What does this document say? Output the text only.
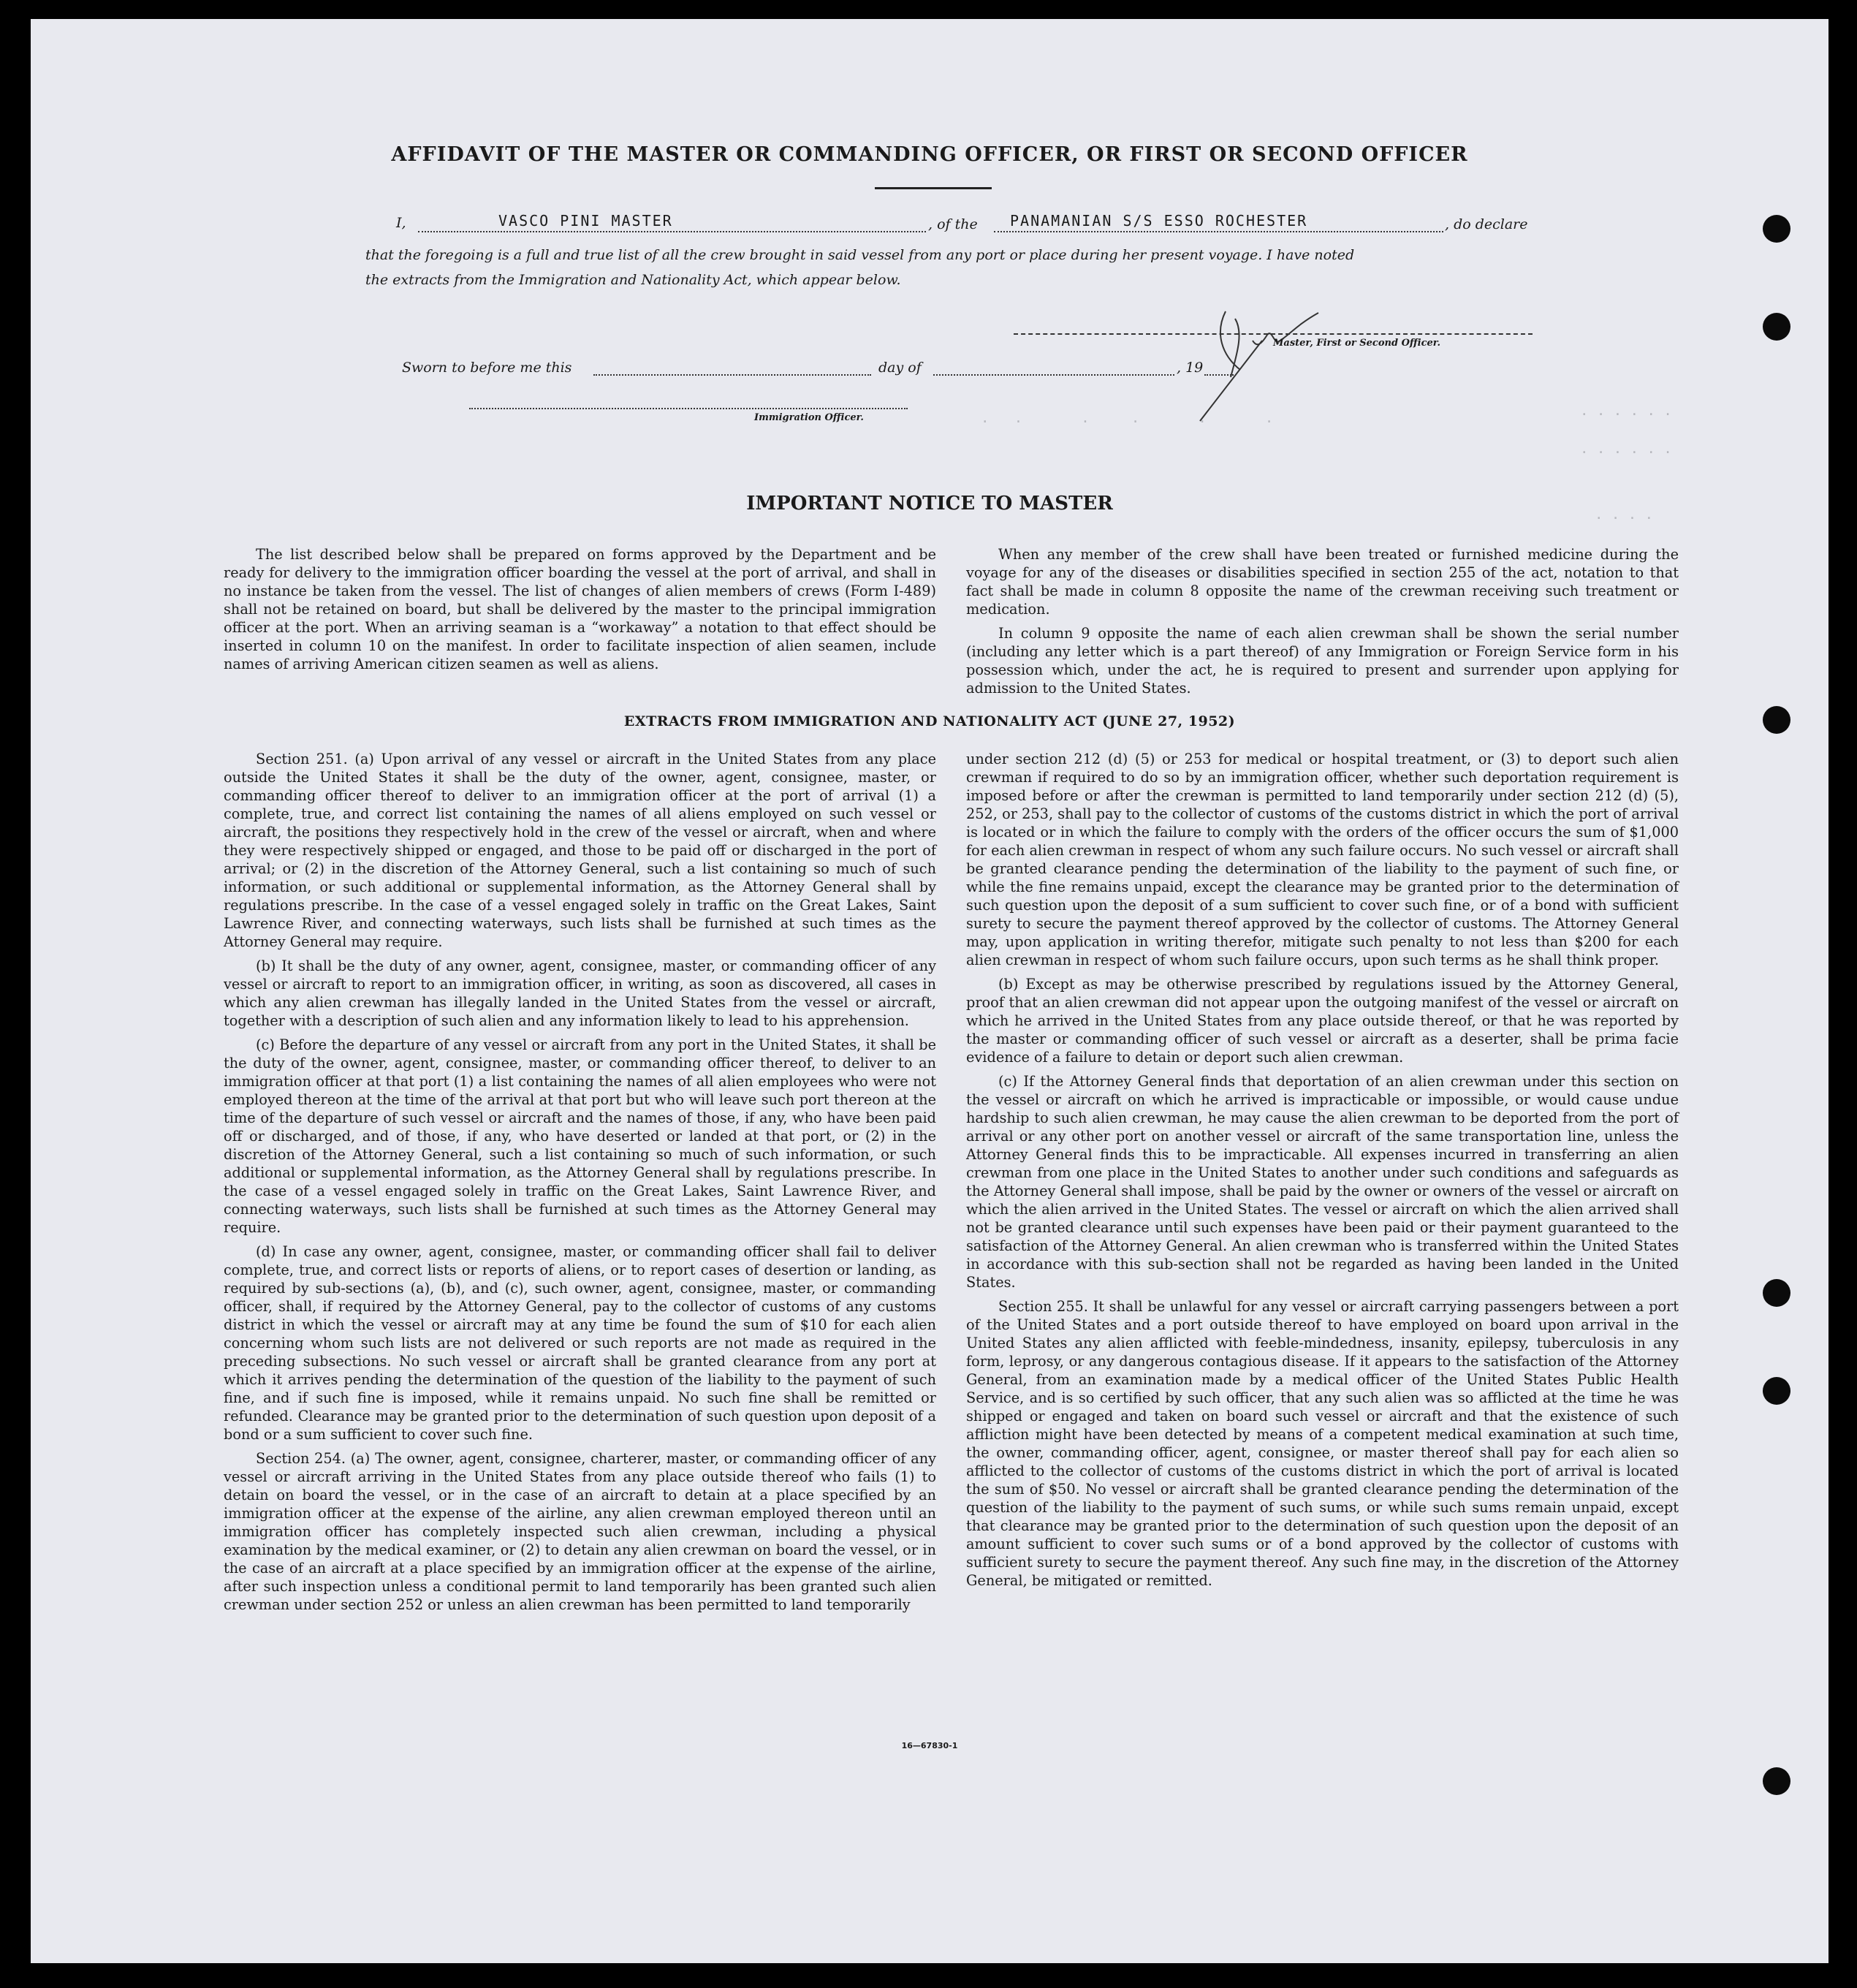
.   .       .     .       .       .	· · · · · ·
· · · · · ·
· · · ·
AFFIDAVIT OF THE MASTER OR COMMANDING OFFICER, OR FIRST OR SECOND OFFICER
I,	VASCO PINI MASTER	, of the PANAMANIAN S/S ESSO ROCHESTER	, do declare
that the foregoing is a full and true list of all the crew brought in said vessel from any port or place during her present voyage. I have noted
the extracts from the Immigration and Nationality Act, which appear below.
Master, First or Second Officer.
Sworn to before me this	day of	, 19
Immigration Officer.
IMPORTANT NOTICE TO MASTER

The list described below shall be prepared on forms approved by the Department and be ready for delivery to the immigration officer boarding the vessel at the port of arrival, and shall in no instance be taken from the vessel. The list of changes of alien members of crews (Form I-489) shall not be retained on board, but shall be delivered by the master to the principal immigration officer at the port. When an arriving seaman is a “workaway” a notation to that effect should be inserted in column 10 on the manifest. In order to facilitate inspection of alien seamen, include names of arriving American citizen seamen as well as aliens.

When any member of the crew shall have been treated or furnished medicine during the voyage for any of the diseases or disabilities specified in section 255 of the act, notation to that fact shall be made in column 8 opposite the name of the crewman receiving such treatment or medication.

In column 9 opposite the name of each alien crewman shall be shown the serial number (including any letter which is a part thereof) of any Immigration or Foreign Service form in his possession which, under the act, he is required to present and surrender upon applying for admission to the United States.

EXTRACTS FROM IMMIGRATION AND NATIONALITY ACT (JUNE 27, 1952)

Section 251. (a) Upon arrival of any vessel or aircraft in the United States from any place outside the United States it shall be the duty of the owner, agent, consignee, master, or commanding officer thereof to deliver to an immigration officer at the port of arrival (1) a complete, true, and correct list containing the names of all aliens employed on such vessel or aircraft, the positions they respectively hold in the crew of the vessel or aircraft, when and where they were respectively shipped or engaged, and those to be paid off or discharged in the port of arrival; or (2) in the discretion of the Attorney General, such a list containing so much of such information, or such additional or supplemental information, as the Attorney General shall by regulations prescribe. In the case of a vessel engaged solely in traffic on the Great Lakes, Saint Lawrence River, and connecting waterways, such lists shall be furnished at such times as the Attorney General may require.

(b) It shall be the duty of any owner, agent, consignee, master, or commanding officer of any vessel or aircraft to report to an immigration officer, in writing, as soon as discovered, all cases in which any alien crewman has illegally landed in the United States from the vessel or aircraft, together with a description of such alien and any information likely to lead to his apprehension.

(c) Before the departure of any vessel or aircraft from any port in the United States, it shall be the duty of the owner, agent, consignee, master, or commanding officer thereof, to deliver to an immigration officer at that port (1) a list containing the names of all alien employees who were not employed thereon at the time of the arrival at that port but who will leave such port thereon at the time of the departure of such vessel or aircraft and the names of those, if any, who have been paid off or discharged, and of those, if any, who have deserted or landed at that port, or (2) in the discretion of the Attorney General, such a list containing so much of such information, or such additional or supplemental information, as the Attorney General shall by regulations prescribe. In the case of a vessel engaged solely in traffic on the Great Lakes, Saint Lawrence River, and connecting waterways, such lists shall be furnished at such times as the Attorney General may require.

(d) In case any owner, agent, consignee, master, or commanding officer shall fail to deliver complete, true, and correct lists or reports of aliens, or to report cases of desertion or landing, as required by sub-sections (a), (b), and (c), such owner, agent, consignee, master, or commanding officer, shall, if required by the Attorney General, pay to the collector of customs of any customs district in which the vessel or aircraft may at any time be found the sum of $10 for each alien concerning whom such lists are not delivered or such reports are not made as required in the preceding subsections. No such vessel or aircraft shall be granted clearance from any port at which it arrives pending the determination of the question of the liability to the payment of such fine, and if such fine is imposed, while it remains unpaid. No such fine shall be remitted or refunded. Clearance may be granted prior to the determination of such question upon deposit of a bond or a sum sufficient to cover such fine.

Section 254. (a) The owner, agent, consignee, charterer, master, or commanding officer of any vessel or aircraft arriving in the United States from any place outside thereof who fails (1) to detain on board the vessel, or in the case of an aircraft to detain at a place specified by an immigration officer at the expense of the airline, any alien crewman employed thereon until an immigration officer has completely inspected such alien crewman, including a physical examination by the medical examiner, or (2) to detain any alien crewman on board the vessel, or in the case of an aircraft at a place specified by an immigration officer at the expense of the airline, after such inspection unless a conditional permit to land temporarily has been granted such alien crewman under section 252 or unless an alien crewman has been permitted to land temporarily

under section 212 (d) (5) or 253 for medical or hospital treatment, or (3) to deport such alien crewman if required to do so by an immigration officer, whether such deportation requirement is imposed before or after the crewman is permitted to land temporarily under section 212 (d) (5), 252, or 253, shall pay to the collector of customs of the customs district in which the port of arrival is located or in which the failure to comply with the orders of the officer occurs the sum of $1,000 for each alien crewman in respect of whom any such failure occurs. No such vessel or aircraft shall be granted clearance pending the determination of the liability to the payment of such fine, or while the fine remains unpaid, except the clearance may be granted prior to the determination of such question upon the deposit of a sum sufficient to cover such fine, or of a bond with sufficient surety to secure the payment thereof approved by the collector of customs. The Attorney General may, upon application in writing therefor, mitigate such penalty to not less than $200 for each alien crewman in respect of whom such failure occurs, upon such terms as he shall think proper.

(b) Except as may be otherwise prescribed by regulations issued by the Attorney General, proof that an alien crewman did not appear upon the outgoing manifest of the vessel or aircraft on which he arrived in the United States from any place outside thereof, or that he was reported by the master or commanding officer of such vessel or aircraft as a deserter, shall be prima facie evidence of a failure to detain or deport such alien crewman.

(c) If the Attorney General finds that deportation of an alien crewman under this section on the vessel or aircraft on which he arrived is impracticable or impossible, or would cause undue hardship to such alien crewman, he may cause the alien crewman to be deported from the port of arrival or any other port on another vessel or aircraft of the same transportation line, unless the Attorney General finds this to be impracticable. All expenses incurred in transferring an alien crewman from one place in the United States to another under such conditions and safeguards as the Attorney General shall impose, shall be paid by the owner or owners of the vessel or aircraft on which the alien arrived in the United States. The vessel or aircraft on which the alien arrived shall not be granted clearance until such expenses have been paid or their payment guaranteed to the satisfaction of the Attorney General. An alien crewman who is transferred within the United States in accordance with this sub-section shall not be regarded as having been landed in the United States.

Section 255. It shall be unlawful for any vessel or aircraft carrying passengers between a port of the United States and a port outside thereof to have employed on board upon arrival in the United States any alien afflicted with feeble-mindedness, insanity, epilepsy, tuberculosis in any form, leprosy, or any dangerous contagious disease. If it appears to the satisfaction of the Attorney General, from an examination made by a medical officer of the United States Public Health Service, and is so certified by such officer, that any such alien was so afflicted at the time he was shipped or engaged and taken on board such vessel or aircraft and that the existence of such affliction might have been detected by means of a competent medical examination at such time, the owner, commanding officer, agent, consignee, or master thereof shall pay for each alien so afflicted to the collector of customs of the customs district in which the port of arrival is located the sum of $50. No vessel or aircraft shall be granted clearance pending the determination of the question of the liability to the payment of such sums, or while such sums remain unpaid, except that clearance may be granted prior to the determination of such question upon the deposit of an amount sufficient to cover such sums or of a bond approved by the collector of customs with sufficient surety to secure the payment thereof. Any such fine may, in the discretion of the Attorney General, be mitigated or remitted.

16—67830-1
